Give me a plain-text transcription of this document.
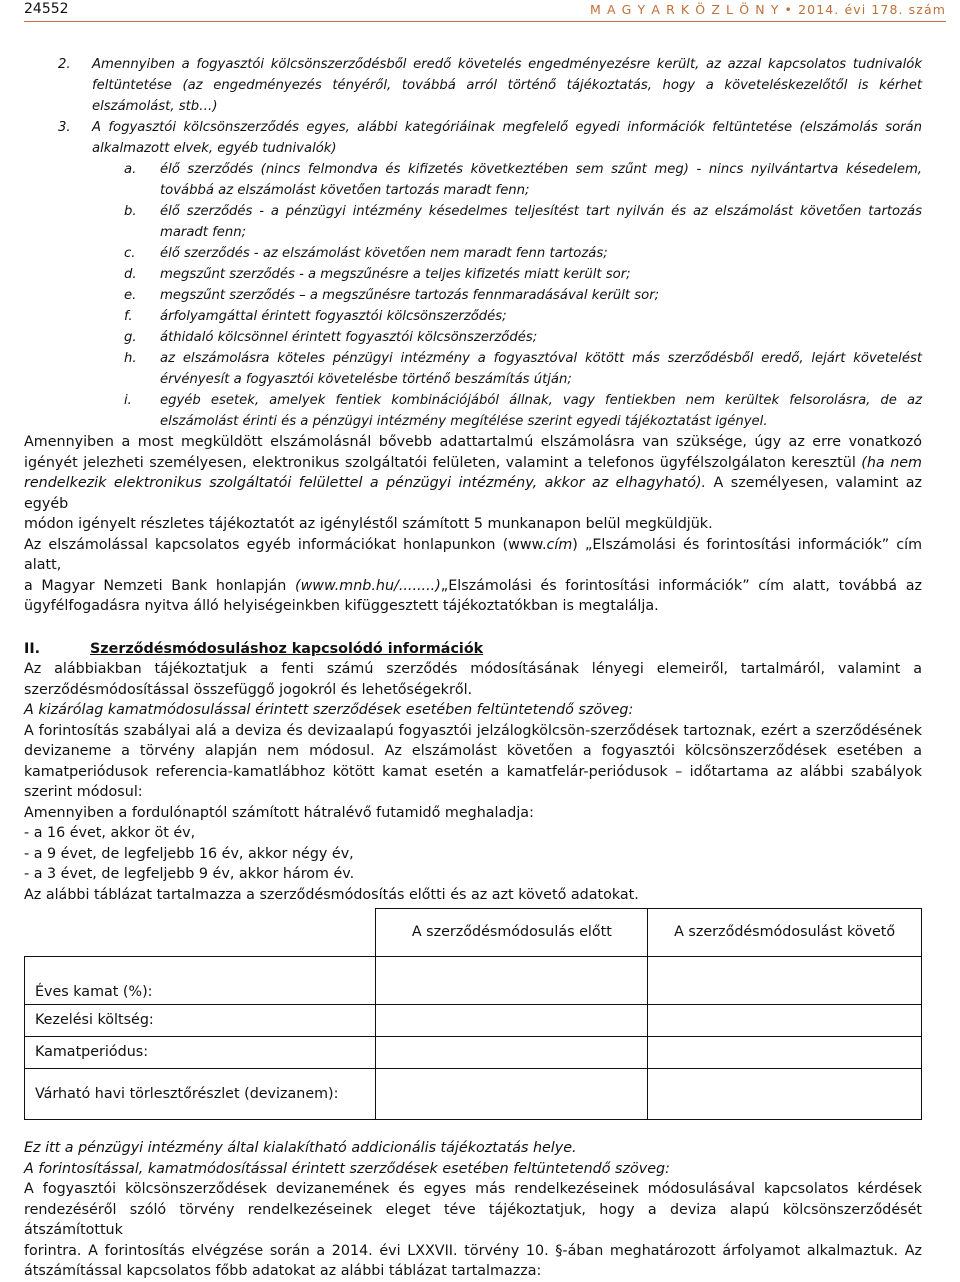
24552	M A G Y A R K Ö Z L Ö N Y • 2014. évi 178. szám
2.	Amennyiben a fogyasztói kölcsönszerződésből eredő követelés engedményezésre került, az azzal kapcsolatos tudnivalók

feltüntetése (az engedményezés tényéről, továbbá arról történő tájékoztatás, hogy a követeléskezelőtől is kérhet

elszámolást, stb…)

3.	A fogyasztói kölcsönszerződés egyes, alábbi kategóriáinak megfelelő egyedi információk feltüntetése (elszámolás során

alkalmazott elvek, egyéb tudnivalók)

a.	élő szerződés (nincs felmondva és kifizetés következtében sem szűnt meg) - nincs nyilvántartva késedelem,

továbbá az elszámolást követően tartozás maradt fenn;

b.	élő szerződés - a pénzügyi intézmény késedelmes teljesítést tart nyilván és az elszámolást követően tartozás

maradt fenn;

c.	élő szerződés - az elszámolást követően nem maradt fenn tartozás;

d.	megszűnt szerződés - a megszűnésre a teljes kifizetés miatt került sor;

e.	megszűnt szerződés – a megszűnésre tartozás fennmaradásával került sor;

f.	árfolyamgáttal érintett fogyasztói kölcsönszerződés;

g.	áthidaló kölcsönnel érintett fogyasztói kölcsönszerződés;

h.	az elszámolásra köteles pénzügyi intézmény a fogyasztóval kötött más szerződésből eredő, lejárt követelést

érvényesít a fogyasztói követelésbe történő beszámítás útján;

i.	egyéb esetek, amelyek fentiek kombinációjából állnak, vagy fentiekben nem kerültek felsorolásra, de az

elszámolást érinti és a pénzügyi intézmény megítélése szerint egyedi tájékoztatást igényel.

Amennyiben a most megküldött elszámolásnál bővebb adattartalmú elszámolásra van szüksége, úgy az erre vonatkozó

igényét jelezheti személyesen, elektronikus szolgáltatói felületen, valamint a telefonos ügyfélszolgálaton keresztül (ha nem

rendelkezik elektronikus szolgáltatói felülettel a pénzügyi intézmény, akkor az elhagyható). A személyesen, valamint az egyéb

módon igényelt részletes tájékoztatót az igényléstől számított 5 munkanapon belül megküldjük.

Az elszámolással kapcsolatos egyéb információkat honlapunkon (www.cím) „Elszámolási és forintosítási információk” cím alatt,

a Magyar Nemzeti Bank honlapján (www.mnb.hu/........)„Elszámolási és forintosítási információk” cím alatt, továbbá az

ügyfélfogadásra nyitva álló helyiségeinkben kifüggesztett tájékoztatókban is megtalálja.

II.	Szerződésmódosuláshoz kapcsolódó információk

Az alábbiakban tájékoztatjuk a fenti számú szerződés módosításának lényegi elemeiről, tartalmáról, valamint a

szerződésmódosítással összefüggő jogokról és lehetőségekről.

A kizárólag kamatmódosulással érintett szerződések esetében feltüntetendő szöveg:

A forintosítás szabályai alá a deviza és devizaalapú fogyasztói jelzálogkölcsön-szerződések tartoznak, ezért a szerződésének

devizaneme a törvény alapján nem módosul. Az elszámolást követően a fogyasztói kölcsönszerződések esetében a

kamatperiódusok referencia-kamatlábhoz kötött kamat esetén a kamatfelár-periódusok – időtartama az alábbi szabályok

szerint módosul:

Amennyiben a fordulónaptól számított hátralévő futamidő meghaladja:

- a 16 évet, akkor öt év,

- a 9 évet, de legfeljebb 16 év, akkor négy év,

- a 3 évet, de legfeljebb 9 év, akkor három év.

Az alábbi táblázat tartalmazza a szerződésmódosítás előtti és az azt követő adatokat.

	A szerződésmódosulás előtt	A szerződésmódosulást követő
Éves kamat (%):		
Kezelési költség:		
Kamatperiódus:		
Várható havi törlesztőrészlet (devizanem):		

Ez itt a pénzügyi intézmény által kialakítható addicionális tájékoztatás helye.

A forintosítással, kamatmódosítással érintett szerződések esetében feltüntetendő szöveg:

A fogyasztói kölcsönszerződések devizanemének és egyes más rendelkezéseinek módosulásával kapcsolatos kérdések

rendezéséről szóló törvény rendelkezéseinek eleget téve tájékoztatjuk, hogy a deviza alapú kölcsönszerződését átszámítottuk

forintra. A forintosítás elvégzése során a 2014. évi LXXVII. törvény 10. §-ában meghatározott árfolyamot alkalmaztuk. Az

átszámítással kapcsolatos főbb adatokat az alábbi táblázat tartalmazza:
